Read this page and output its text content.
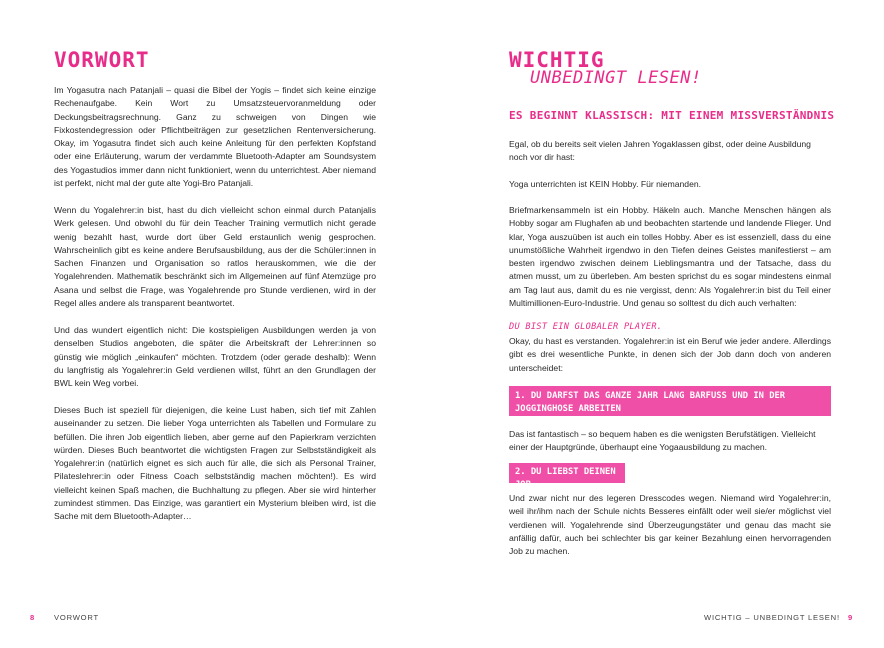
VORWORT

Im Yogasutra nach Patanjali – quasi die Bibel der Yogis – findet sich keine einzige Rechenaufgabe. Kein Wort zu Umsatzsteuervoranmeldung oder Deckungsbeitragsrechnung. Ganz zu schweigen von Dingen wie Fixkostendegression oder Pflichtbeiträgen zur gesetzlichen Rentenversicherung. Okay, im Yogasutra findet sich auch keine Anleitung für den perfekten Kopfstand oder eine Erläuterung, warum der verdammte Bluetooth-Adapter am Soundsystem des Yogastudios immer dann nicht funktioniert, wenn du unterrichtest. Aber niemand ist perfekt, nicht mal der gute alte Yogi-Bro Patanjali.

Wenn du Yogalehrer:in bist, hast du dich vielleicht schon einmal durch Patanjalis Werk gelesen. Und obwohl du für dein Teacher Training vermutlich nicht gerade wenig bezahlt hast, wurde dort über Geld erstaunlich wenig gesprochen. Wahrscheinlich gibt es keine andere Berufsausbildung, aus der die Schüler:innen in Sachen Finanzen und Organisation so ratlos herauskommen, wie die der Yogalehrenden. Mathematik beschränkt sich im Allgemeinen auf fünf Atemzüge pro Asana und selbst die Frage, was Yogalehrende pro Stunde verdienen, wird in der Regel alles andere als transparent beantwortet.

Und das wundert eigentlich nicht: Die kostspieligen Ausbildungen werden ja von denselben Studios angeboten, die später die Arbeitskraft der Lehrer:innen so günstig wie möglich „einkaufen“ möchten. Trotzdem (oder gerade deshalb): Wenn du langfristig als Yogalehrer:in Geld verdienen willst, führt an den Grundlagen der BWL kein Weg vorbei.

Dieses Buch ist speziell für diejenigen, die keine Lust haben, sich tief mit Zahlen auseinander zu setzen. Die lieber Yoga unterrichten als Tabellen und Formulare zu befüllen. Die ihren Job eigentlich lieben, aber gerne auf den Papierkram verzichten würden. Dieses Buch beantwortet die wichtigsten Fragen zur Selbstständigkeit als Yogalehrer:in (natürlich eignet es sich auch für alle, die sich als Personal Trainer, Pilateslehrer:in oder Fitness Coach selbstständig machen möchten!). Es wird vielleicht keinen Spaß machen, die Buchhaltung zu pflegen. Aber sie wird hinterher zumindest stimmen. Das Einzige, was garantiert ein Mysterium bleiben wird, ist die Sache mit dem Bluetooth-Adapter…

8	VORWORT
WICHTIG
UNBEDINGT LESEN!
ES BEGINNT KLASSISCH: MIT EINEM MISSVERSTÄNDNIS

Egal, ob du bereits seit vielen Jahren Yogaklassen gibst, oder deine Ausbildung noch vor dir hast:

Yoga unterrichten ist KEIN Hobby. Für niemanden.

Briefmarkensammeln ist ein Hobby. Häkeln auch. Manche Menschen hängen als Hobby sogar am Flughafen ab und beobachten startende und landende Flieger. Und klar, Yoga auszuüben ist auch ein tolles Hobby. Aber es ist essenziell, dass du eine unumstößliche Wahrheit irgendwo in den Tiefen deines Geistes manifestierst – am besten irgendwo zwischen deinem Lieblingsmantra und der Tatsache, dass du atmen musst, um zu überleben. Am besten sprichst du es sogar mindestens einmal am Tag laut aus, damit du es nie vergisst, denn: Als Yogalehrer:in bist du Teil einer Multimillionen-Euro-Industrie. Und genau so solltest du dich auch verhalten:

DU BIST EIN GLOBALER PLAYER.

Okay, du hast es verstanden. Yogalehrer:in ist ein Beruf wie jeder andere. Allerdings gibt es drei wesentliche Punkte, in denen sich der Job dann doch von anderen unterscheidet:

1. DU DARFST DAS GANZE JAHR LANG BARFUSS UND IN DER JOGGINGHOSE ARBEITEN

Das ist fantastisch – so bequem haben es die wenigsten Berufstätigen. Vielleicht einer der Hauptgründe, überhaupt eine Yogaausbildung zu machen.

2. DU LIEBST DEINEN JOB

Und zwar nicht nur des legeren Dresscodes wegen. Niemand wird Yogalehrer:in, weil ihr/ihm nach der Schule nichts Besseres einfällt oder weil sie/er möglichst viel verdienen will. Yogalehrende sind Überzeugungstäter und genau das macht sie anfällig dafür, auch bei schlechter bis gar keiner Bezahlung einen hervorragenden Job zu machen.

WICHTIG – UNBEDINGT LESEN! 9
